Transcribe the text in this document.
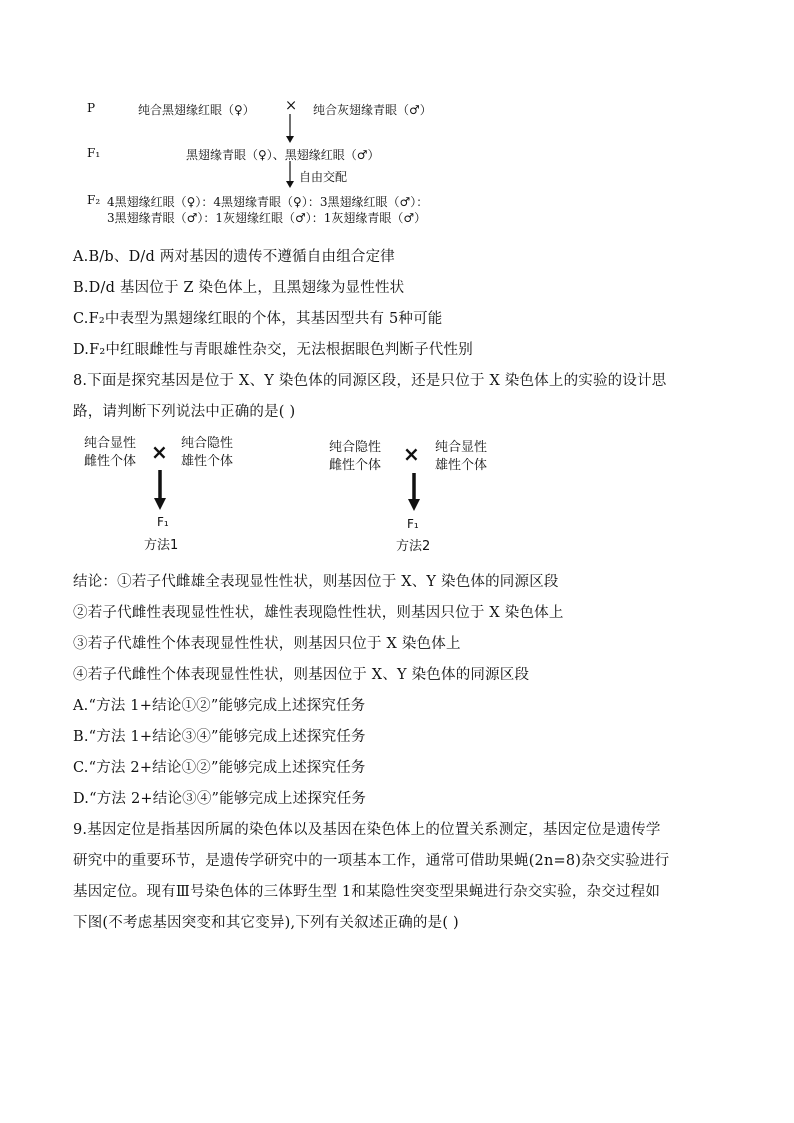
P	纯合黑翅缘红眼（♀） × 纯合灰翅缘青眼（♂）
F₁	黑翅缘青眼（♀）、黑翅缘红眼（♂）
自由交配
F₂ 4黑翅缘红眼（♀）：4黑翅缘青眼（♀）：3黑翅缘红眼（♂）：
3黑翅缘青眼（♂）：1灰翅缘红眼（♂）：1灰翅缘青眼（♂）
A.B/b、D/d 两对基因的遗传不遵循自由组合定律
B.D/d 基因位于 Z 染色体上，且黑翅缘为显性性状
C.F₂中表型为黑翅缘红眼的个体，其基因型共有 5种可能
D.F₂中红眼雌性与青眼雄性杂交，无法根据眼色判断子代性别
8.下面是探究基因是位于 X、Y 染色体的同源区段，还是只位于 X 染色体上的实验的设计思
路，请判断下列说法中正确的是( )
纯合显性
雌性个体 × 纯合隐性
雄性个体
F₁
方法1
纯合隐性
雌性个体 × 纯合显性
雄性个体
F₁
方法2
结论：①若子代雌雄全表现显性性状，则基因位于 X、Y 染色体的同源区段
②若子代雌性表现显性性状，雄性表现隐性性状，则基因只位于 X 染色体上
③若子代雄性个体表现显性性状，则基因只位于 X 染色体上
④若子代雌性个体表现显性性状，则基因位于 X、Y 染色体的同源区段
A.“方法 1+结论①②”能够完成上述探究任务
B.“方法 1+结论③④”能够完成上述探究任务
C.“方法 2+结论①②”能够完成上述探究任务
D.“方法 2+结论③④”能够完成上述探究任务
9.基因定位是指基因所属的染色体以及基因在染色体上的位置关系测定，基因定位是遗传学
研究中的重要环节，是遗传学研究中的一项基本工作，通常可借助果蝇(2n=8)杂交实验进行
基因定位。现有Ⅲ号染色体的三体野生型 1和某隐性突变型果蝇进行杂交实验，杂交过程如
下图(不考虑基因突变和其它变异),下列有关叙述正确的是( )
